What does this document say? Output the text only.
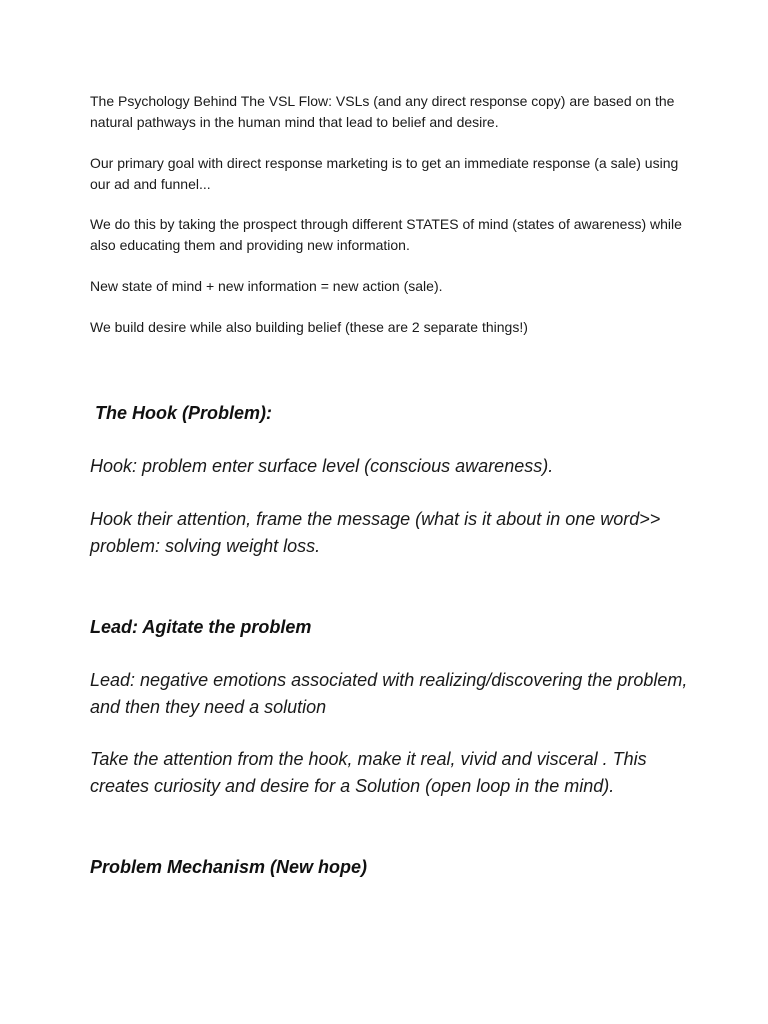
The Psychology Behind The VSL Flow: VSLs (and any direct response copy) are based on the natural pathways in the human mind that lead to belief and desire.

Our primary goal with direct response marketing is to get an immediate response (a sale) using our ad and funnel...

We do this by taking the prospect through different STATES of mind (states of awareness) while also educating them and providing new information.

New state of mind + new information = new action (sale).

We build desire while also building belief (these are 2 separate things!)

The Hook (Problem):

Hook: problem enter surface level (conscious awareness).

Hook their attention, frame the message (what is it about in one word>> problem: solving weight loss.

Lead: Agitate the problem

Lead: negative emotions associated with realizing/discovering the problem, and then they need a solution

Take the attention from the hook, make it real, vivid and visceral . This creates curiosity and desire for a Solution (open loop in the mind).

Problem Mechanism (New hope)
